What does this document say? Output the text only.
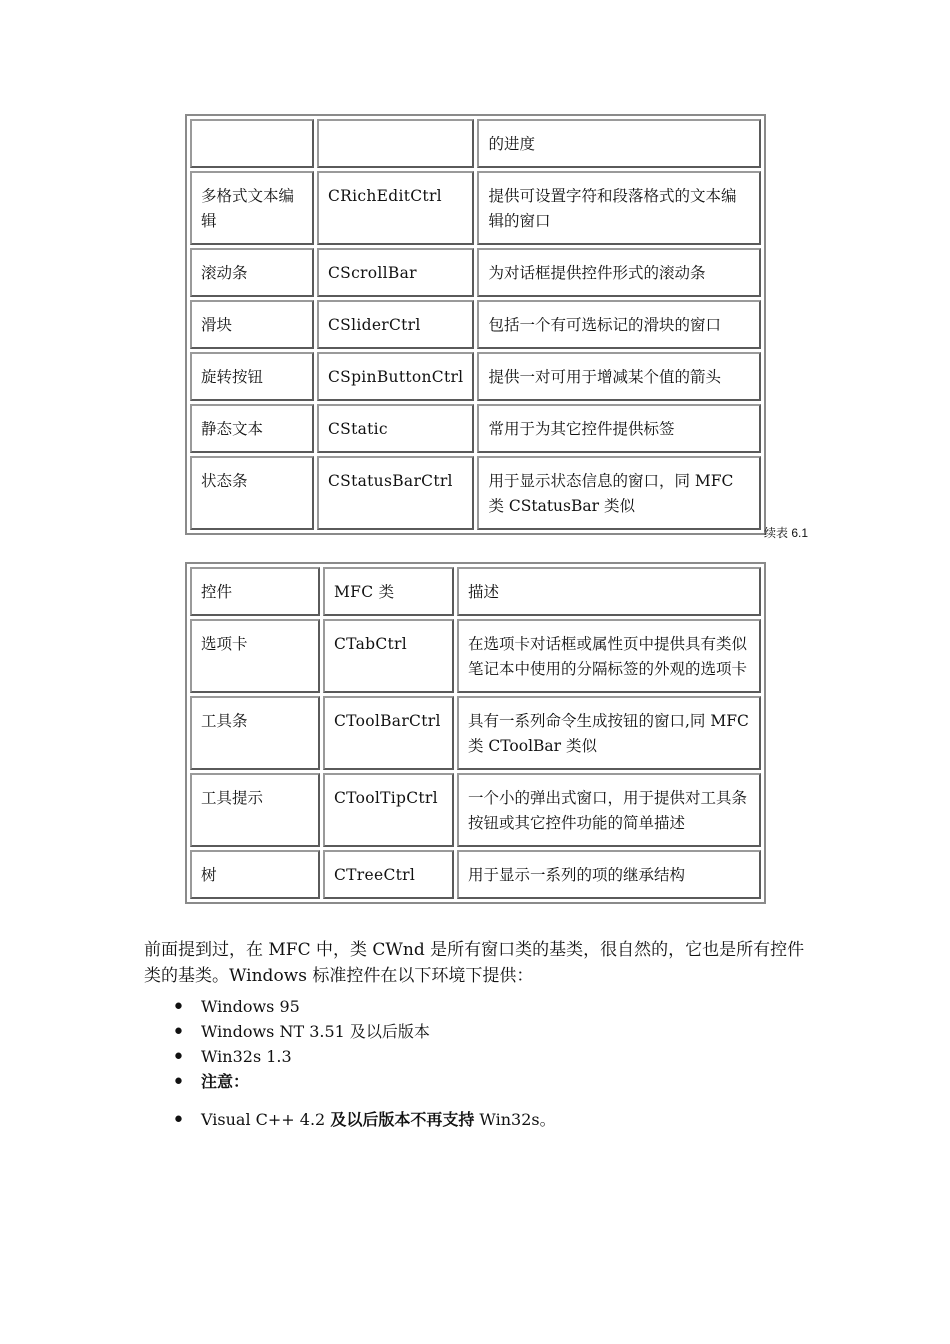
		的进度
多格式文本编辑	CRichEditCtrl	提供可设置字符和段落格式的文本编辑的窗口
滚动条	CScrollBar	为对话框提供控件形式的滚动条
滑块	CSliderCtrl	包括一个有可选标记的滑块的窗口
旋转按钮	CSpinButtonCtrl	提供一对可用于增减某个值的箭头
静态文本	CStatic	常用于为其它控件提供标签
状态条	CStatusBarCtrl	用于显示状态信息的窗口，同 MFC 类 CStatusBar 类似
续表 6.1
控件	MFC 类	描述
选项卡	CTabCtrl	在选项卡对话框或属性页中提供具有类似笔记本中使用的分隔标签的外观的选项卡
工具条	CToolBarCtrl	具有一系列命令生成按钮的窗口,同 MFC 类 CToolBar 类似
工具提示	CToolTipCtrl	一个小的弹出式窗口，用于提供对工具条按钮或其它控件功能的简单描述
树	CTreeCtrl	用于显示一系列的项的继承结构

前面提到过，在 MFC 中，类 CWnd 是所有窗口类的基类，很自然的，它也是所有控件类的基类。Windows 标准控件在以下环境下提供：

• Windows 95
• Windows NT 3.51 及以后版本
• Win32s 1.3
• 注意：
• Visual C++ 4.2 及以后版本不再支持 Win32s。
